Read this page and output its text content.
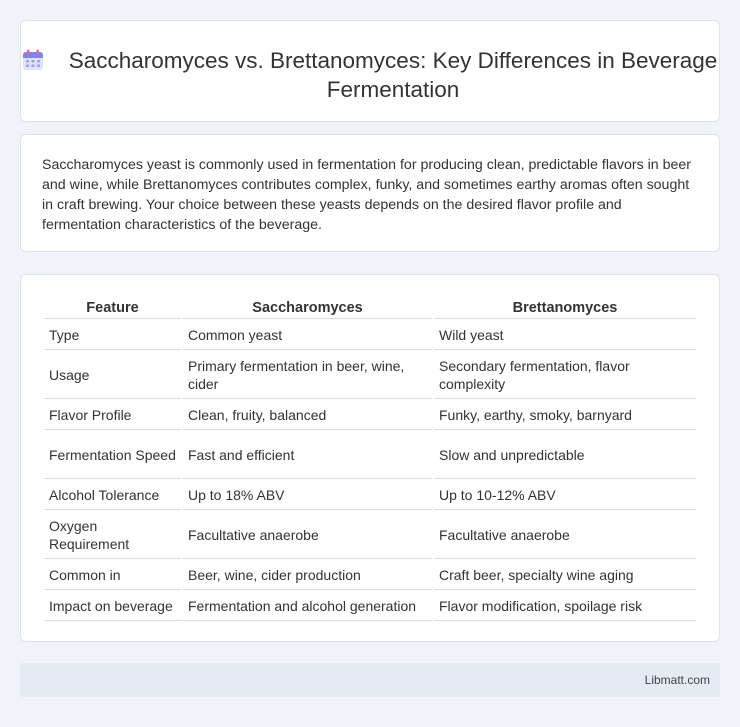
Saccharomyces vs. Brettanomyces: Key Differences in Beverage Fermentation

Saccharomyces yeast is commonly used in fermentation for producing clean, predictable flavors in beer and wine, while Brettanomyces contributes complex, funky, and sometimes earthy aromas often sought in craft brewing. Your choice between these yeasts depends on the desired flavor profile and fermentation characteristics of the beverage.

Feature	Saccharomyces	Brettanomyces
Type	Common yeast	Wild yeast
Usage	Primary fermentation in beer, wine, cider	Secondary fermentation, flavor complexity
Flavor Profile	Clean, fruity, balanced	Funky, earthy, smoky, barnyard
Fermentation Speed	Fast and efficient	Slow and unpredictable
Alcohol Tolerance	Up to 18% ABV	Up to 10-12% ABV
Oxygen Requirement	Facultative anaerobe	Facultative anaerobe
Common in	Beer, wine, cider production	Craft beer, specialty wine aging
Impact on beverage	Fermentation and alcohol generation	Flavor modification, spoilage risk
Libmatt.com
